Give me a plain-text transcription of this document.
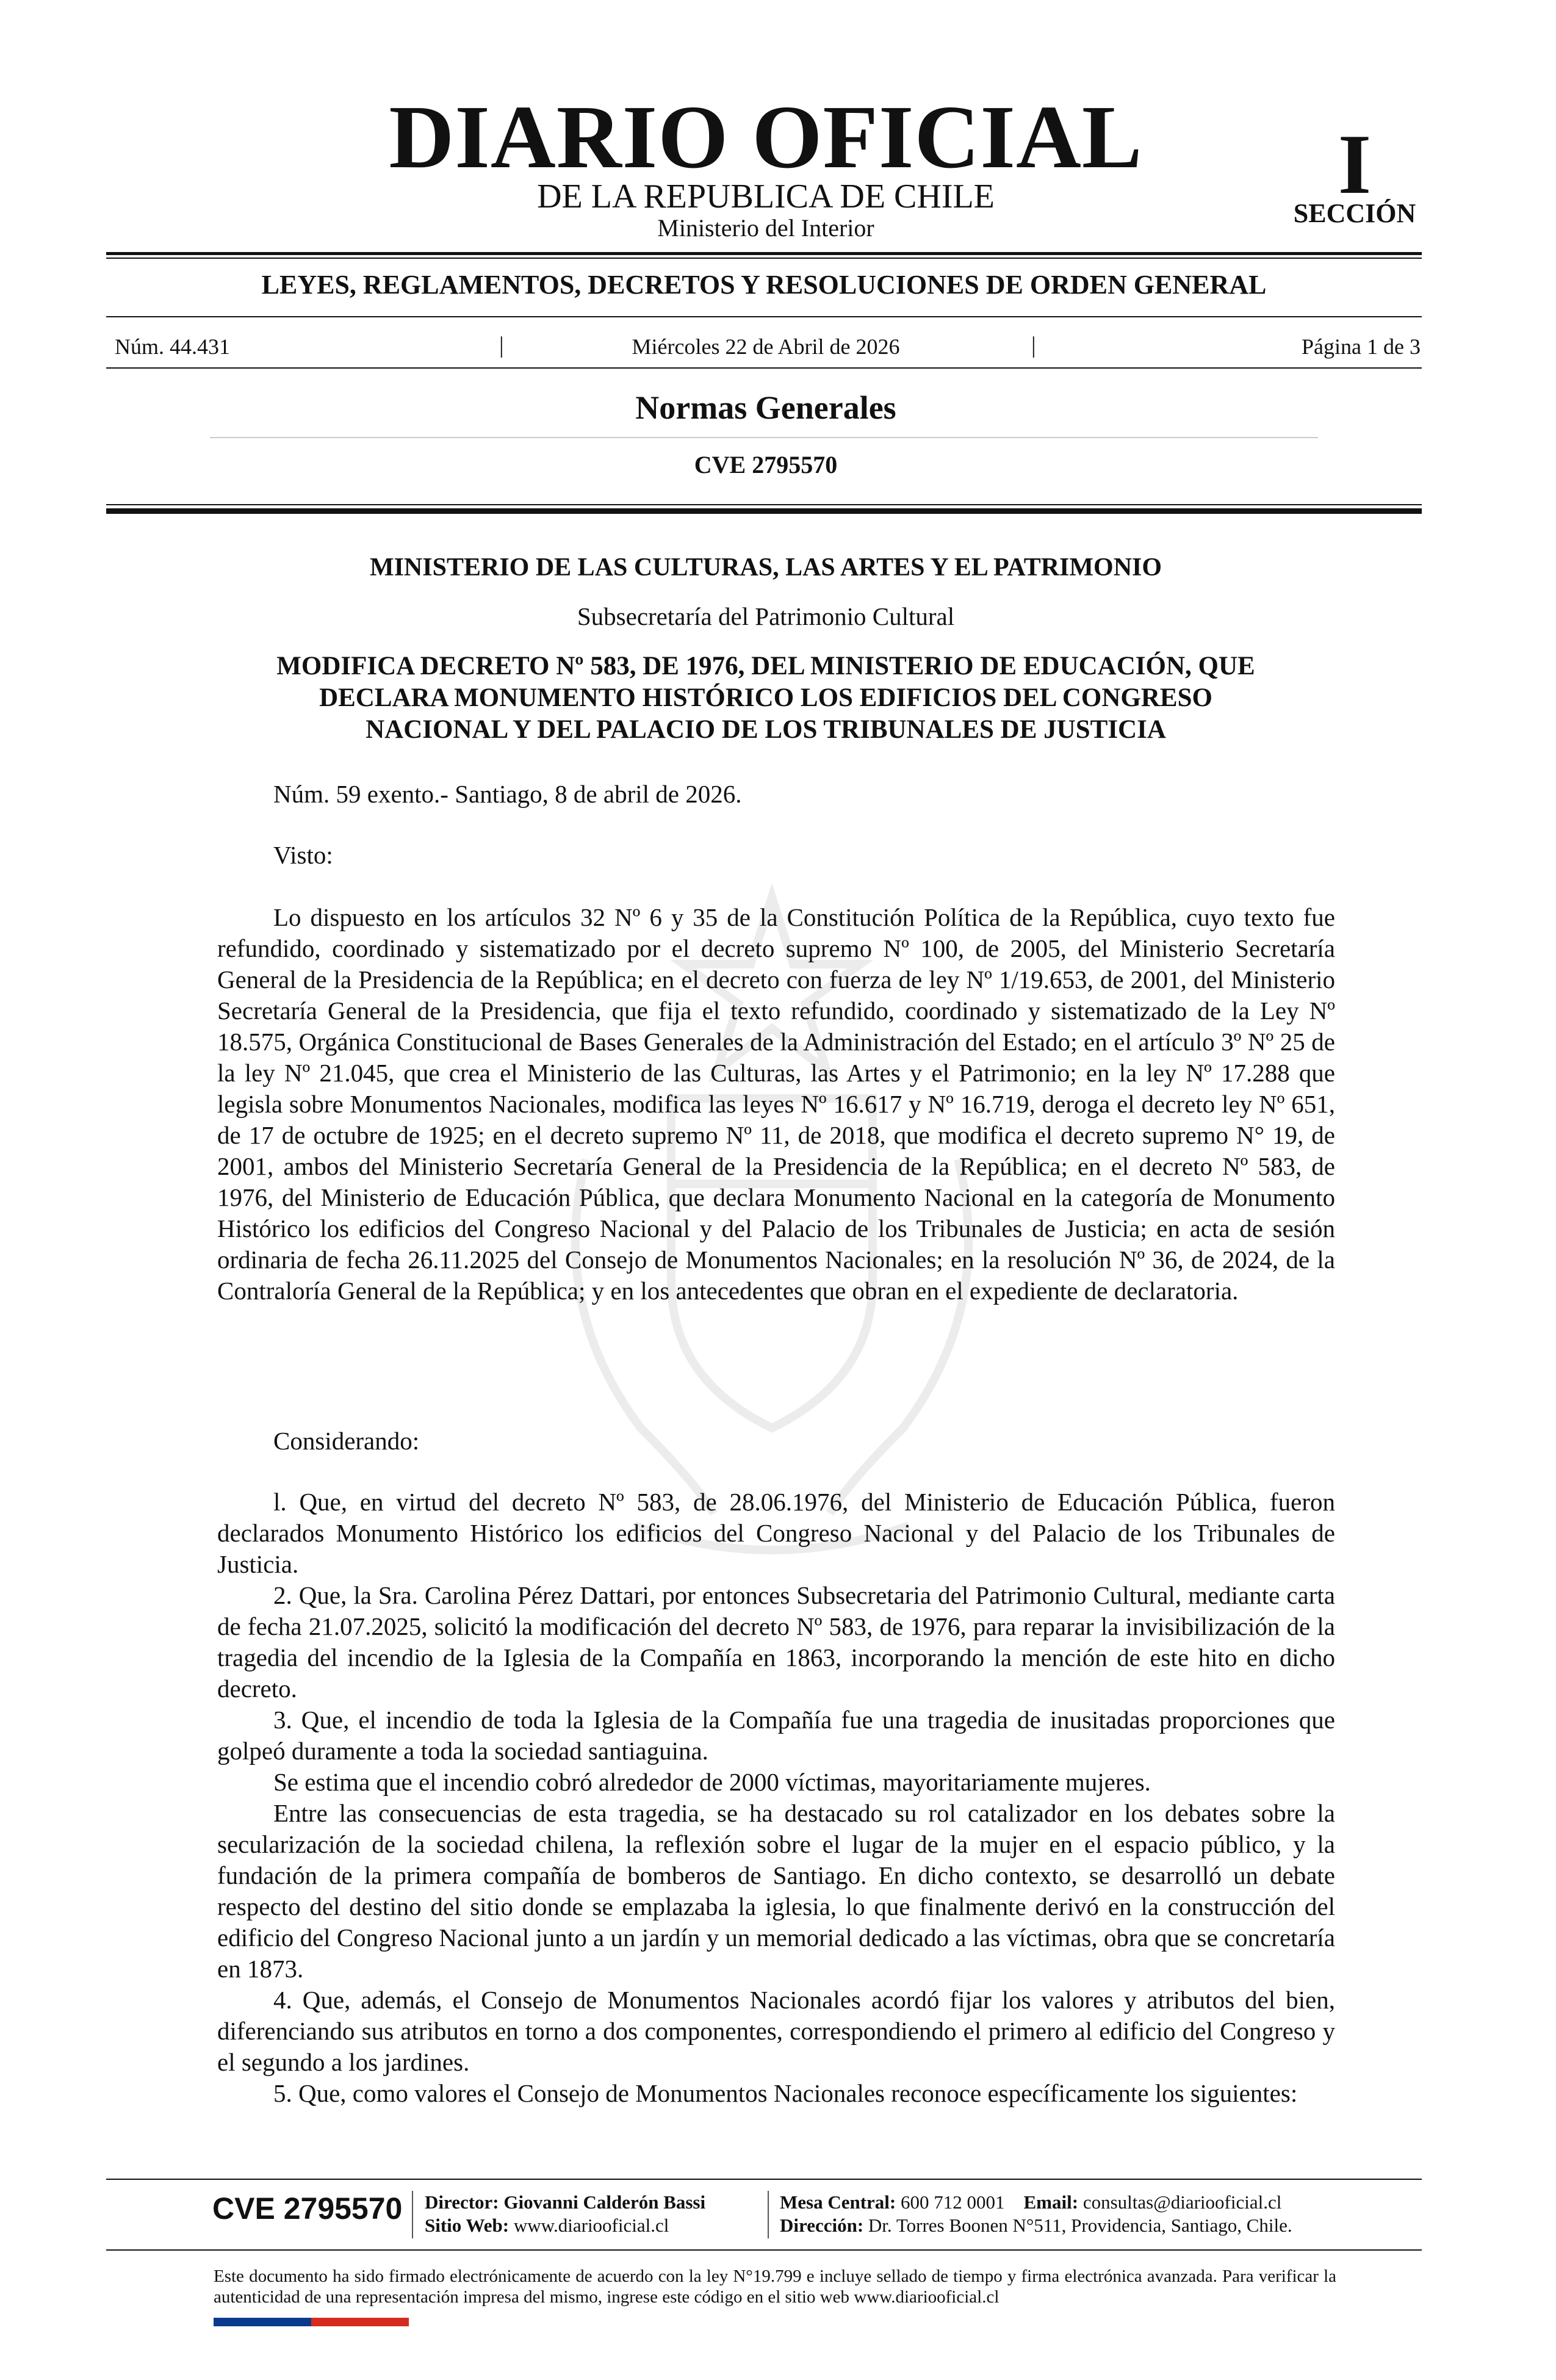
DIARIO OFICIAL
DE LA REPUBLICA DE CHILE
Ministerio del Interior
I
SECCIÓN
LEYES, REGLAMENTOS, DECRETOS Y RESOLUCIONES DE ORDEN GENERAL
Núm. 44.431	|	Miércoles 22 de Abril de 2026	|	Página 1 de 3
Normas Generales
CVE 2795570
MINISTERIO DE LAS CULTURAS, LAS ARTES Y EL PATRIMONIO
Subsecretaría del Patrimonio Cultural
MODIFICA DECRETO Nº 583, DE 1976, DEL MINISTERIO DE EDUCACIÓN, QUE
DECLARA MONUMENTO HISTÓRICO LOS EDIFICIOS DEL CONGRESO
NACIONAL Y DEL PALACIO DE LOS TRIBUNALES DE JUSTICIA
Núm. 59 exento.- Santiago, 8 de abril de 2026.
Visto:
Lo dispuesto en los artículos 32 Nº 6 y 35 de la Constitución Política de la República, cuyo texto fue refundido, coordinado y sistematizado por el decreto supremo Nº 100, de 2005, del Ministerio Secretaría General de la Presidencia de la República; en el decreto con fuerza de ley Nº 1/19.653, de 2001, del Ministerio Secretaría General de la Presidencia, que fija el texto refundido, coordinado y sistematizado de la Ley Nº 18.575, Orgánica Constitucional de Bases Generales de la Administración del Estado; en el artículo 3º Nº 25 de la ley Nº 21.045, que crea el Ministerio de las Culturas, las Artes y el Patrimonio; en la ley Nº 17.288 que legisla sobre Monumentos Nacionales, modifica las leyes Nº 16.617 y Nº 16.719, deroga el decreto ley Nº 651, de 17 de octubre de 1925; en el decreto supremo Nº 11, de 2018, que modifica el decreto supremo N° 19, de 2001, ambos del Ministerio Secretaría General de la Presidencia de la República; en el decreto Nº 583, de 1976, del Ministerio de Educación Pública, que declara Monumento Nacional en la categoría de Monumento Histórico los edificios del Congreso Nacional y del Palacio de los Tribunales de Justicia; en acta de sesión ordinaria de fecha 26.11.2025 del Consejo de Monumentos Nacionales; en la resolución Nº 36, de 2024, de la Contraloría General de la República; y en los antecedentes que obran en el expediente de declaratoria.
Considerando:
l. Que, en virtud del decreto Nº 583, de 28.06.1976, del Ministerio de Educación Pública, fueron declarados Monumento Histórico los edificios del Congreso Nacional y del Palacio de los Tribunales de Justicia.
2. Que, la Sra. Carolina Pérez Dattari, por entonces Subsecretaria del Patrimonio Cultural, mediante carta de fecha 21.07.2025, solicitó la modificación del decreto Nº 583, de 1976, para reparar la invisibilización de la tragedia del incendio de la Iglesia de la Compañía en 1863, incorporando la mención de este hito en dicho decreto.
3. Que, el incendio de toda la Iglesia de la Compañía fue una tragedia de inusitadas proporciones que golpeó duramente a toda la sociedad santiaguina.
Se estima que el incendio cobró alrededor de 2000 víctimas, mayoritariamente mujeres.
Entre las consecuencias de esta tragedia, se ha destacado su rol catalizador en los debates sobre la secularización de la sociedad chilena, la reflexión sobre el lugar de la mujer en el espacio público, y la fundación de la primera compañía de bomberos de Santiago. En dicho contexto, se desarrolló un debate respecto del destino del sitio donde se emplazaba la iglesia, lo que finalmente derivó en la construcción del edificio del Congreso Nacional junto a un jardín y un memorial dedicado a las víctimas, obra que se concretaría en 1873.
4. Que, además, el Consejo de Monumentos Nacionales acordó fijar los valores y atributos del bien, diferenciando sus atributos en torno a dos componentes, correspondiendo el primero al edificio del Congreso y el segundo a los jardines.
5. Que, como valores el Consejo de Monumentos Nacionales reconoce específicamente los siguientes:
CVE 2795570 Director: Giovanni Calderón Bassi
Sitio Web: www.diariooficial.cl
Mesa Central: 600 712 0001 Email: consultas@diariooficial.cl
Dirección: Dr. Torres Boonen N°511, Providencia, Santiago, Chile.
Este documento ha sido firmado electrónicamente de acuerdo con la ley N°19.799 e incluye sellado de tiempo y firma electrónica avanzada. Para verificar la autenticidad de una representación impresa del mismo, ingrese este código en el sitio web www.diariooficial.cl
